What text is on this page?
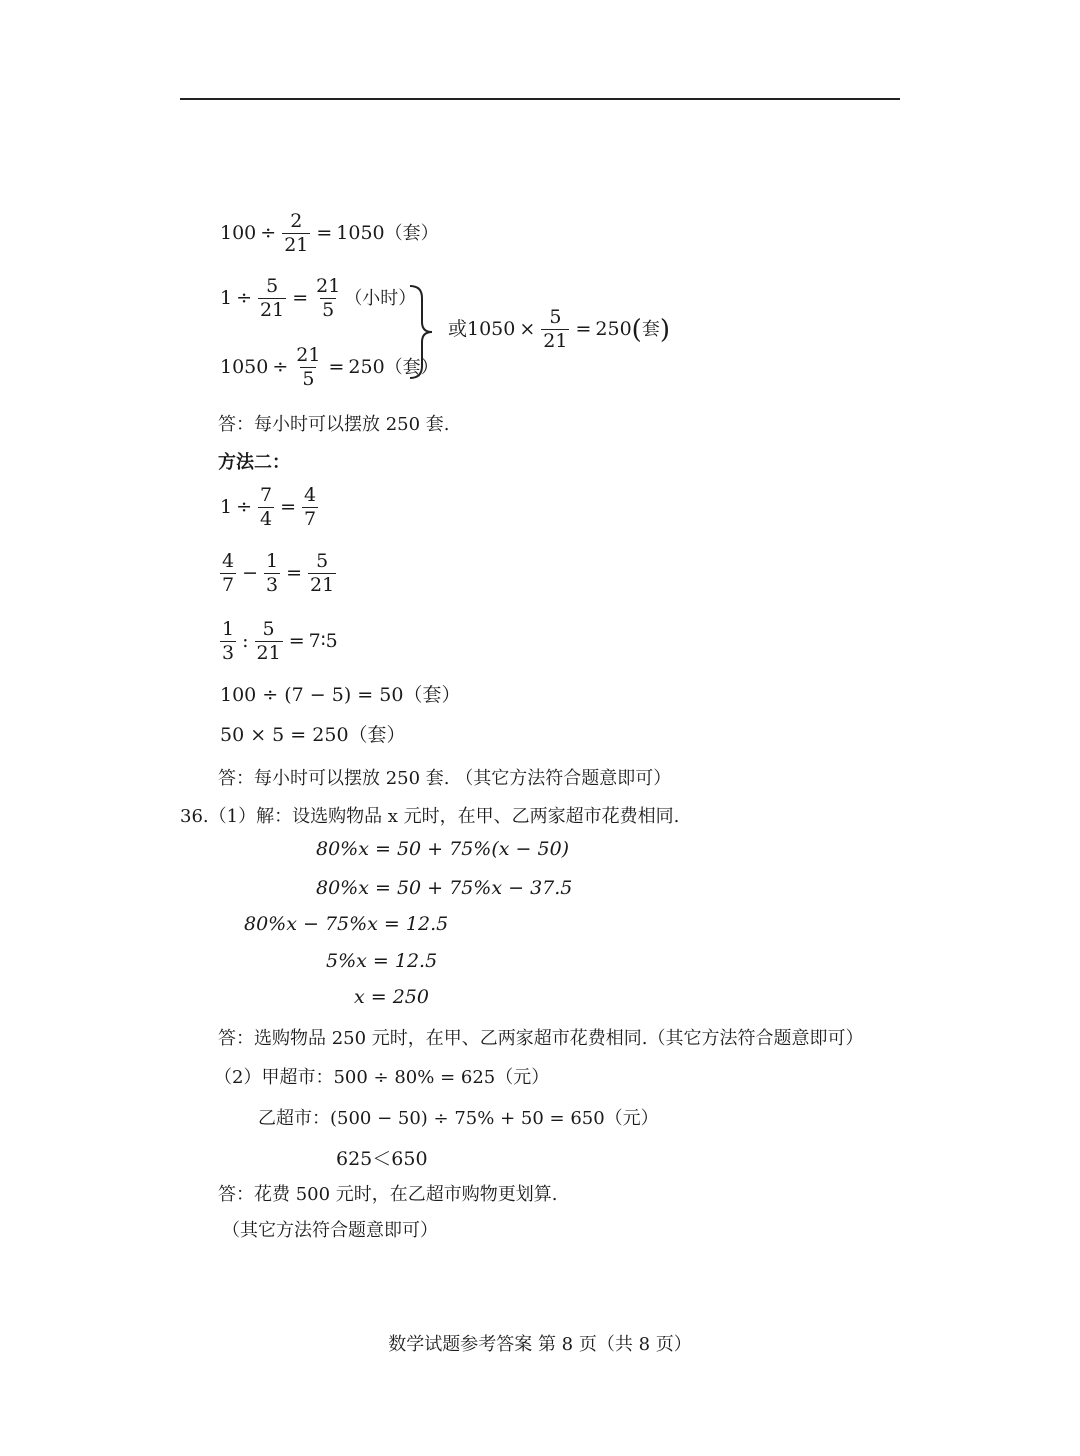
$100 \div \frac{2}{21} = 1050$ （套）
$1 \div \frac{5}{21} = \frac{21}{5}$ （小时）
$1050 \div \frac{21}{5} = 250$ （套）
或$1050 \times \frac{5}{21} = 250$ ( 套 )
答：每小时可以摆放 250 套.
方法二：
$1 \div \frac{7}{4} = \frac{4}{7}$
$\frac{4}{7} - \frac{1}{3} = \frac{5}{21}$
$\frac{1}{3}$ : $\frac{5}{21}$ = 7∶5
100 ÷ (7 − 5) = 50（套）
50 × 5 = 250（套）
答：每小时可以摆放 250 套. （其它方法符合题意即可）
36.（1）解：设选购物品 x 元时，在甲、乙两家超市花费相同.
80%x = 50 + 75%(x − 50)
80%x = 50 + 75%x − 37.5
80%x − 75%x = 12.5
5%x = 12.5
x = 250
答：选购物品 250 元时，在甲、乙两家超市花费相同.（其它方法符合题意即可）
（2）甲超市：500 ÷ 80% = 625（元）
乙超市：(500 − 50) ÷ 75% + 50 = 650（元）
625＜650
答：花费 500 元时，在乙超市购物更划算.
（其它方法符合题意即可）
数学试题参考答案 第 8 页（共 8 页）
